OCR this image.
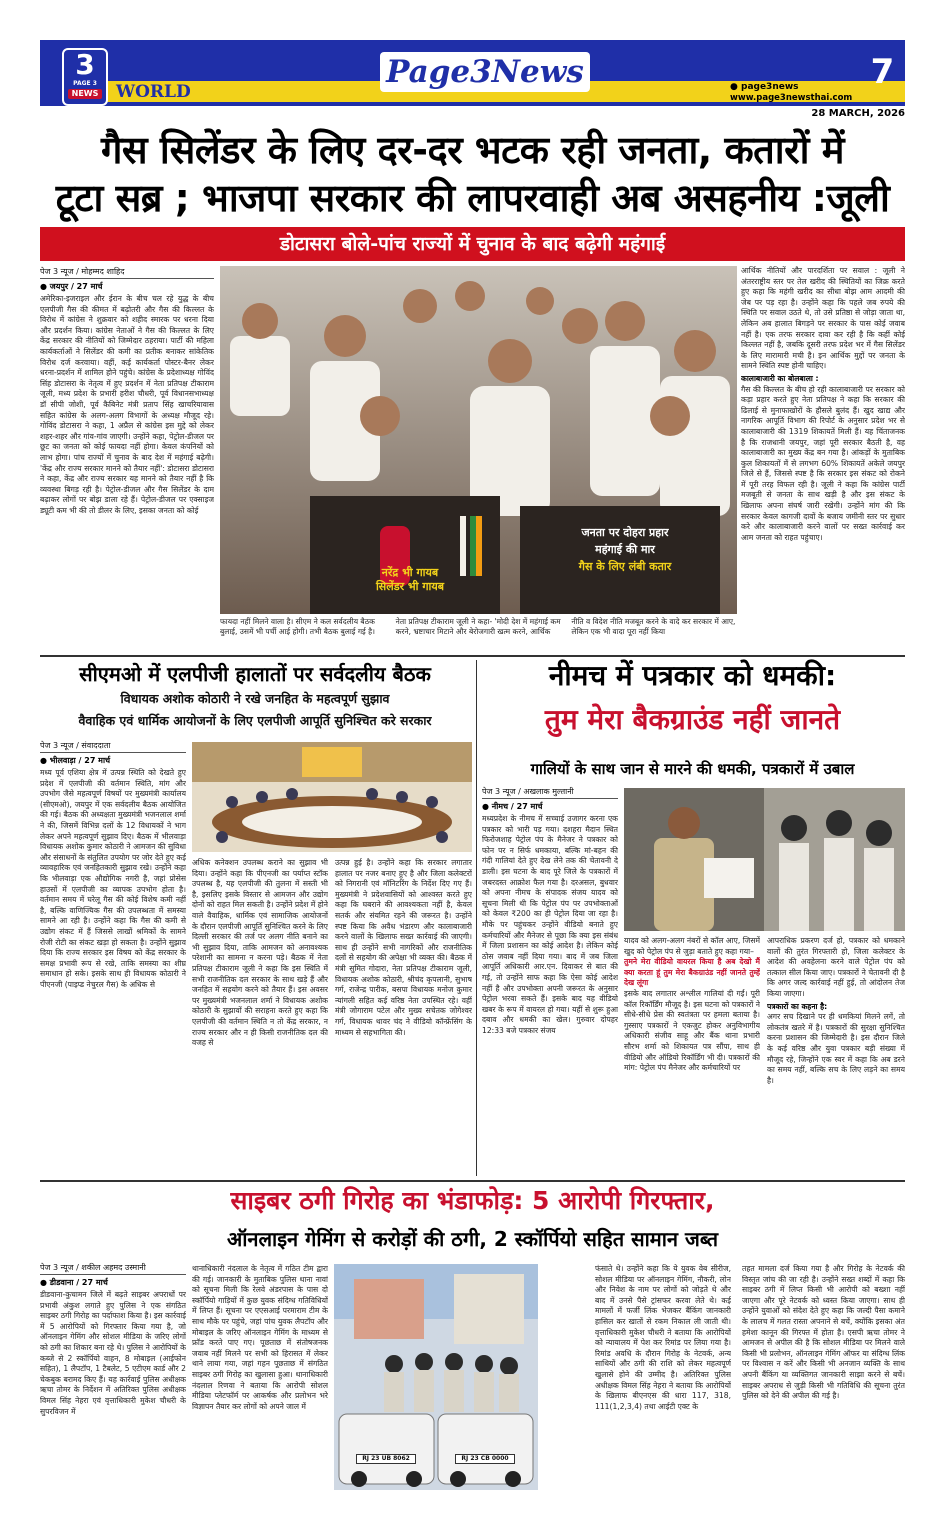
3
PAGE 3
NEWS WORLD
Page3News	● page3news
www.page3newsthai.com
7
28 MARCH, 2026
गैस सिलेंडर के लिए दर-दर भटक रही जनता, कतारों में
टूटा सब्र ; भाजपा सरकार की लापरवाही अब असहनीय :जूली
डोटासरा बोले-पांच राज्यों में चुनाव के बाद बढ़ेगी महंगाई
पेज 3 न्यूज / मोहम्मद शाहिद
● जयपुर / 27 मार्च
अमेरिका-इजराइल और ईरान के बीच चल रहे युद्ध के बीच एलपीजी गैस की कीमत में बढ़ोतरी और गैस की किल्लत के विरोध में कांग्रेस ने शुक्रवार को शहीद स्मारक पर धरना दिया और प्रदर्शन किया। कांग्रेस नेताओं ने गैस की किल्लत के लिए केंद्र सरकार की नीतियों को जिम्मेदार ठहराया। पार्टी की महिला कार्यकर्ताओं ने सिलेंडर की कमी का प्रतीक बनाकर सांकेतिक विरोध दर्ज करवाया। वहीं, कई कार्यकर्ता पोस्टर-बैनर लेकर धरना-प्रदर्शन में शामिल होने पहुंचे। कांग्रेस के प्रदेशाध्यक्ष गोविंद सिंह डोटासरा के नेतृत्व में हुए प्रदर्शन में नेता प्रतिपक्ष टीकाराम जूली, मध्य प्रदेश के प्रभारी हरीश चौधरी, पूर्व विधानसभाध्यक्ष डॉ सीपी जोशी, पूर्व कैबिनेट मंत्री प्रताप सिंह खाचरियावास सहित कांग्रेस के अलग-अलग विभागों के अध्यक्ष मौजूद रहे। गोविंद डोटासरा ने कहा, 1 अप्रैल से कांग्रेस इस मुद्दे को लेकर शहर-शहर और गांव-गांव जाएगी। उन्होंने कहा, पेट्रोल-डीजल पर छूट का जनता को कोई फायदा नहीं होगा। केवल कंपनियों को लाभ होगा। पांच राज्यों में चुनाव के बाद देश में महंगाई बढ़ेगी। 'केंद्र और राज्य सरकार मानने को तैयार नहीं': डोटासरा डोटासरा ने कहा, केंद्र और राज्य सरकार यह मानने को तैयार नहीं है कि व्यवस्था बिगड़ रही है। पेट्रोल-डीजल और गैस सिलेंडर के दाम बढ़ाकर लोगों पर बोझ डाला रहे हैं। पेट्रोल-डीजल पर एक्साइज ड्यूटी कम भी की तो डीलर के लिए, इसका जनता को कोई
नरेंद्र भी गायब
सिलेंडर भी गायब
जनता पर दोहरा प्रहार
महंगाई की मार
गैस के लिए लंबी कतार
फायदा नहीं मिलने वाला है। सीएम ने कल सर्वदलीय बैठक बुलाई, उसमें भी पर्ची आई होगी। तभी बैठक बुलाई गई है। नेता प्रतिपक्ष टीकाराम जूली ने कहा- 'मोदी देश में महंगाई कम करने, भ्रष्टाचार मिटाने और बेरोजगारी खत्म करने, आर्थिक नीति व विदेश नीति मजबूत करने के वादे कर सरकार में आए, लेकिन एक भी वादा पूरा नहीं किया
आर्थिक नीतियों और पारदर्शिता पर सवाल : जूली ने अंतरराष्ट्रीय स्तर पर तेल खरीद की स्थितियों का जिक्र करते हुए कहा कि महंगी खरीद का सीधा बोझ आम आदमी की जेब पर पड़ रहा है। उन्होंने कहा कि पहले जब रुपये की स्थिति पर सवाल उठते थे, तो उसे प्रतिष्ठा से जोड़ा जाता था, लेकिन अब हालात बिगड़ने पर सरकार के पास कोई जवाब नहीं है। एक तरफ सरकार दावा कर रही है कि कहीं कोई किल्लत नहीं है, जबकि दूसरी तरफ प्रदेश भर में गैस सिलेंडर के लिए मारामारी मची है। इन आर्थिक मुद्दों पर जनता के सामने स्थिति स्पष्ट होनी चाहिए।
कालाबाजारी का बोलबाला :
गैस की किल्लत के बीच हो रही कालाबाजारी पर सरकार को कड़ा प्रहार करते हुए नेता प्रतिपक्ष ने कहा कि सरकार की ढिलाई से मुनाफाखोरों के हौसले बुलंद हैं। खुद खाद्य और नागरिक आपूर्ति विभाग की रिपोर्ट के अनुसार प्रदेश भर से कालाबाजारी की 1319 शिकायतें मिली हैं। यह चिंताजनक है कि राजधानी जयपुर, जहां पूरी सरकार बैठती है, वह कालाबाजारी का मुख्य केंद्र बन गया है। आंकड़ों के मुताबिक कुल शिकायतों में से लगभग 60% शिकायतें अकेले जयपुर जिले से हैं, जिससे स्पष्ट है कि सरकार इस संकट को रोकने में पूरी तरह विफल रही है। जूली ने कहा कि कांग्रेस पार्टी मजबूती से जनता के साथ खड़ी है और इस संकट के खिलाफ अपना संघर्ष जारी रखेगी। उन्होंने मांग की कि सरकार केवल कागजी दावों के बजाय जमीनी स्तर पर सुधार करे और कालाबाजारी करने वालों पर सख्त कार्रवाई कर आम जनता को राहत पहुंचाए।
सीएमओ में एलपीजी हालातों पर सर्वदलीय बैठक
विधायक अशोक कोठारी ने रखे जनहित के महत्वपूर्ण सुझाव
वैवाहिक एवं धार्मिक आयोजनों के लिए एलपीजी आपूर्ति सुनिश्चित करे सरकार
पेज 3 न्यूज / संवाददाता
● भीलवाड़ा / 27 मार्च
मध्य पूर्व एशिया क्षेत्र में उत्पन्न स्थिति को देखते हुए प्रदेश में एलपीजी की वर्तमान स्थिति, मांग और उपभोग जैसे महत्वपूर्ण विषयों पर मुख्यमंत्री कार्यालय (सीएमओ), जयपुर में एक सर्वदलीय बैठक आयोजित की गई। बैठक की अध्यक्षता मुख्यमंत्री भजनलाल शर्मा ने की, जिसमें विभिन्न दलों के 12 विधायकों ने भाग लेकर अपने महत्वपूर्ण सुझाव दिए। बैठक में भीलवाड़ा विधायक अशोक कुमार कोठारी ने आमजन की सुविधा और संसाधनों के संतुलित उपयोग पर जोर देते हुए कई व्यावहारिक एवं जनहितकारी सुझाव रखे। उन्होंने कहा कि भीलवाड़ा एक औद्योगिक नगरी है, जहां प्रोसेस हाउसों में एलपीजी का व्यापक उपभोग होता है। वर्तमान समय में घरेलू गैस की कोई विशेष कमी नहीं है, बल्कि वाणिज्यिक गैस की उपलब्धता में समस्या सामने आ रही है। उन्होंने कहा कि गैस की कमी से उद्योग संकट में हैं जिससे लाखों श्रमिकों के सामने रोजी रोटी का संकट खड़ा हो सकता है। उन्होंने सुझाव दिया कि राज्य सरकार इस विषय को केंद्र सरकार के समक्ष प्रभावी रूप से रखे, ताकि समस्या का शीघ्र समाधान हो सके। इसके साथ ही विधायक कोठारी ने पीएनजी (पाइप्ड नेचुरल गैस) के अधिक से
अधिक कनेक्शन उपलब्ध कराने का सुझाव भी दिया। उन्होंने कहा कि पीएनजी का पर्याप्त स्टॉक उपलब्ध है, यह एलपीजी की तुलना में सस्ती भी है, इसलिए इसके विस्तार से आमजन और उद्योग दोनों को राहत मिल सकती है। उन्होंने प्रदेश में होने वाले वैवाहिक, धार्मिक एवं सामाजिक आयोजनों के दौरान एलपीजी आपूर्ति सुनिश्चित करने के लिए दिल्ली सरकार की तर्ज पर अलग नीति बनाने का भी सुझाव दिया, ताकि आमजन को अनावश्यक परेशानी का सामना न करना पड़े। बैठक में नेता प्रतिपक्ष टीकाराम जूली ने कहा कि इस स्थिति में सभी राजनीतिक दल सरकार के साथ खड़े हैं और जनहित में सहयोग करने को तैयार हैं। इस अवसर पर मुख्यमंत्री भजनलाल शर्मा ने विधायक अशोक कोठारी के सुझावों की सराहना करते हुए कहा कि एलपीजी की वर्तमान स्थिति न तो केंद्र सरकार, न राज्य सरकार और न ही किसी राजनीतिक दल की वजह से
उत्पन्न हुई है। उन्होंने कहा कि सरकार लगातार हालात पर नजर बनाए हुए है और जिला कलेक्टरों को निगरानी एवं मॉनिटरिंग के निर्देश दिए गए हैं। मुख्यमंत्री ने प्रदेशवासियों को आश्वस्त करते हुए कहा कि घबराने की आवश्यकता नहीं है, केवल सतर्क और संयमित रहने की जरूरत है। उन्होंने स्पष्ट किया कि अवैध भंडारण और कालाबाजारी करने वालों के खिलाफ सख्त कार्रवाई की जाएगी। साथ ही उन्होंने सभी नागरिकों और राजनीतिक दलों से सहयोग की अपेक्षा भी व्यक्त की। बैठक में मंत्री सुमित गोदारा, नेता प्रतिपक्ष टीकाराम जूली, विधायक अशोक कोठारी, श्रीचंद कृपलानी, सुभाष गर्ग, राजेन्द्र पारीक, बसपा विधायक मनोज कुमार न्यांगली सहित कई वरिष्ठ नेता उपस्थित रहे। वहीं मंत्री जोगाराम पटेल और मुख्य सचेतक जोगेश्वर गर्ग, विधायक थावर चंद ने वीडियो कॉन्फ्रेंसिंग के माध्यम से सहभागिता की।
नीमच में पत्रकार को धमकी:
तुम मेरा बैकग्राउंड नहीं जानते
गालियों के साथ जान से मारने की धमकी, पत्रकारों में उबाल
पेज 3 न्यूज / अखलाक मुल्तानी
● नीमच / 27 मार्च
मध्यप्रदेश के नीमच में सच्चाई उजागर करना एक पत्रकार को भारी पड़ गया। दशहरा मैदान स्थित फिरोजशाह पेट्रोल पंप के मैनेजर ने पत्रकार को फोन पर न सिर्फ धमकाया, बल्कि मां-बहन की गंदी गालियां देते हुए देख लेने तक की चेतावनी दे डाली। इस घटना के बाद पूरे जिले के पत्रकारों में जबरदस्त आक्रोश फैल गया है। दरअसल, बुधवार को अपना नीमच के संपादक संजय यादव को सूचना मिली थी कि पेट्रोल पंप पर उपभोक्ताओं को केवल ₹200 का ही पेट्रोल दिया जा रहा है। मौके पर पहुंचकर उन्होंने वीडियो बनाते हुए कर्मचारियों और मैनेजर से पूछा कि क्या इस संबंध में जिला प्रशासन का कोई आदेश है। लेकिन कोई ठोस जवाब नहीं दिया गया। बाद में जब जिला आपूर्ति अधिकारी आर.एन. दिवाकर से बात की गई, तो उन्होंने साफ कहा कि ऐसा कोई आदेश नहीं है और उपभोक्ता अपनी जरूरत के अनुसार पेट्रोल भरवा सकते हैं। इसके बाद यह वीडियो खबर के रूप में वायरल हो गया। यहीं से शुरू हुआ दबाव और धमकी का खेल। गुरुवार दोपहर 12:33 बजे पत्रकार संजय
यादव को अलग-अलग नंबरों से कॉल आए, जिसमें खुद को पेट्रोल पंप से जुड़ा बताते हुए कहा गया–
तुमने मेरा वीडियो वायरल किया है अब देखो मैं क्या करता हूं तुम मेरा बैकग्राउंड नहीं जानते तुम्हें देख लूंगा
इसके बाद लगातार अश्लील गालियां दी गईं। पूरी कॉल रिकॉर्डिंग मौजूद है। इस घटना को पत्रकारों ने सीधे-सीधे प्रेस की स्वतंत्रता पर हमला बताया है। गुस्साए पत्रकारों ने एकजुट होकर अनुविभागीय अधिकारी संजीव साहू और बैंक थाना प्रभारी सौरभ शर्मा को शिकायत पत्र सौंपा, साथ ही वीडियो और ऑडियो रिकॉर्डिंग भी दी। पत्रकारों की मांग: पेट्रोल पंप मैनेजर और कर्मचारियों पर
आपराधिक प्रकरण दर्ज हो, पत्रकार को धमकाने वालों की तुरंत गिरफ्तारी हो, जिला कलेक्टर के आदेश की अवहेलना करने वाले पेट्रोल पंप को तत्काल सील किया जाए। पत्रकारों ने चेतावनी दी है कि अगर जल्द कार्रवाई नहीं हुई, तो आंदोलन तेज किया जाएगा।
पत्रकारों का कहना है:
अगर सच दिखाने पर ही धमकियां मिलने लगें, तो लोकतंत्र खतरे में है। पत्रकारों की सुरक्षा सुनिश्चित करना प्रशासन की जिम्मेदारी है। इस दौरान जिले के कई वरिष्ठ और युवा पत्रकार बड़ी संख्या में मौजूद रहे, जिन्होंने एक स्वर में कहा कि अब डरने का समय नहीं, बल्कि सच के लिए लड़ने का समय है।
साइबर ठगी गिरोह का भंडाफोड़: 5 आरोपी गिरफ्तार,
ऑनलाइन गेमिंग से करोड़ों की ठगी, 2 स्कॉर्पियो सहित सामान जब्त
पेज 3 न्यूज / शकील अहमद उस्मानी
● डीडवाना / 27 मार्च
डीडवाना-कुचामन जिले में बढ़ते साइबर अपराधों पर प्रभावी अंकुश लगाते हुए पुलिस ने एक संगठित साइबर ठगी गिरोह का पर्दाफाश किया है। इस कार्रवाई में 5 आरोपियों को गिरफ्तार किया गया है, जो ऑनलाइन गेमिंग और सोशल मीडिया के जरिए लोगों को ठगी का शिकार बना रहे थे। पुलिस ने आरोपियों के कब्जे से 2 स्कॉर्पियो वाहन, 8 मोबाइल (आईफोन सहित), 1 लैपटॉप, 1 टैबलेट, 5 एटीएम कार्ड और 2 चेकबुक बरामद किए हैं। यह कार्रवाई पुलिस अधीक्षक ऋचा तोमर के निर्देशन में अतिरिक्त पुलिस अधीक्षक विमल सिंह नेहरा एवं वृत्ताधिकारी मुकेश चौधरी के सुपरविजन में
थानाधिकारी नंदलाल के नेतृत्व में गठित टीम द्वारा की गई। जानकारी के मुताबिक पुलिस थाना नावां को सूचना मिली कि रेलवे अंडरपास के पास दो स्कॉर्पियो गाड़ियों में कुछ युवक संदिग्ध गतिविधियों में लिप्त हैं। सूचना पर एएसआई परमाराम टीम के साथ मौके पर पहुंचे, जहां पांच युवक लैपटॉप और मोबाइल के जरिए ऑनलाइन गेमिंग के माध्यम से फ्रॉड करते पाए गए। पूछताछ में संतोषजनक जवाब नहीं मिलने पर सभी को हिरासत में लेकर थाने लाया गया, जहां गहन पूछताछ में संगठित साइबर ठगी गिरोह का खुलासा हुआ। थानाधिकारी नंदलाल रिणवा ने बताया कि आरोपी सोशल मीडिया प्लेटफॉर्म पर आकर्षक और प्रलोभन भरे विज्ञापन तैयार कर लोगों को अपने जाल में
RJ 23 UB 8062	RJ 23 CB 0000
फंसाते थे। उन्होंने कहा कि ये युवक वेब सीरीज, सोशल मीडिया पर ऑनलाइन गेमिंग, नौकरी, लोन और निवेश के नाम पर लोगों को जोड़ते थे और बाद में उनसे पैसे ट्रांसफर करवा लेते थे। कई मामलों में फर्जी लिंक भेजकर बैंकिंग जानकारी हासिल कर खातों से रकम निकाल ली जाती थी। वृत्ताधिकारी मुकेश चौधरी ने बताया कि आरोपियों को न्यायालय में पेश कर रिमांड पर लिया गया है। रिमांड अवधि के दौरान गिरोह के नेटवर्क, अन्य साथियों और ठगी की राशि को लेकर महत्वपूर्ण खुलासे होने की उम्मीद है। अतिरिक्त पुलिस अधीक्षक विमल सिंह नेहरा ने बताया कि आरोपियों के खिलाफ बीएनएस की धारा 117, 318, 111(1,2,3,4) तथा आईटी एक्ट के
तहत मामला दर्ज किया गया है और गिरोह के नेटवर्क की विस्तृत जांच की जा रही है। उन्होंने सख्त शब्दों में कहा कि साइबर ठगी में लिप्त किसी भी आरोपी को बख्शा नहीं जाएगा और पूरे नेटवर्क को ध्वस्त किया जाएगा। साथ ही उन्होंने युवाओं को संदेश देते हुए कहा कि जल्दी पैसा कमाने के लालच में गलत रास्ता अपनाने से बचें, क्योंकि इसका अंत हमेशा कानून की गिरफ्त में होता है। एसपी ऋचा तोमर ने आमजन से अपील की है कि सोशल मीडिया पर मिलने वाले किसी भी प्रलोभन, ऑनलाइन गेमिंग ऑफर या संदिग्ध लिंक पर विश्वास न करें और किसी भी अनजान व्यक्ति के साथ अपनी बैंकिंग या व्यक्तिगत जानकारी साझा करने से बचें। साइबर अपराध से जुड़ी किसी भी गतिविधि की सूचना तुरंत पुलिस को देने की अपील की गई है।
